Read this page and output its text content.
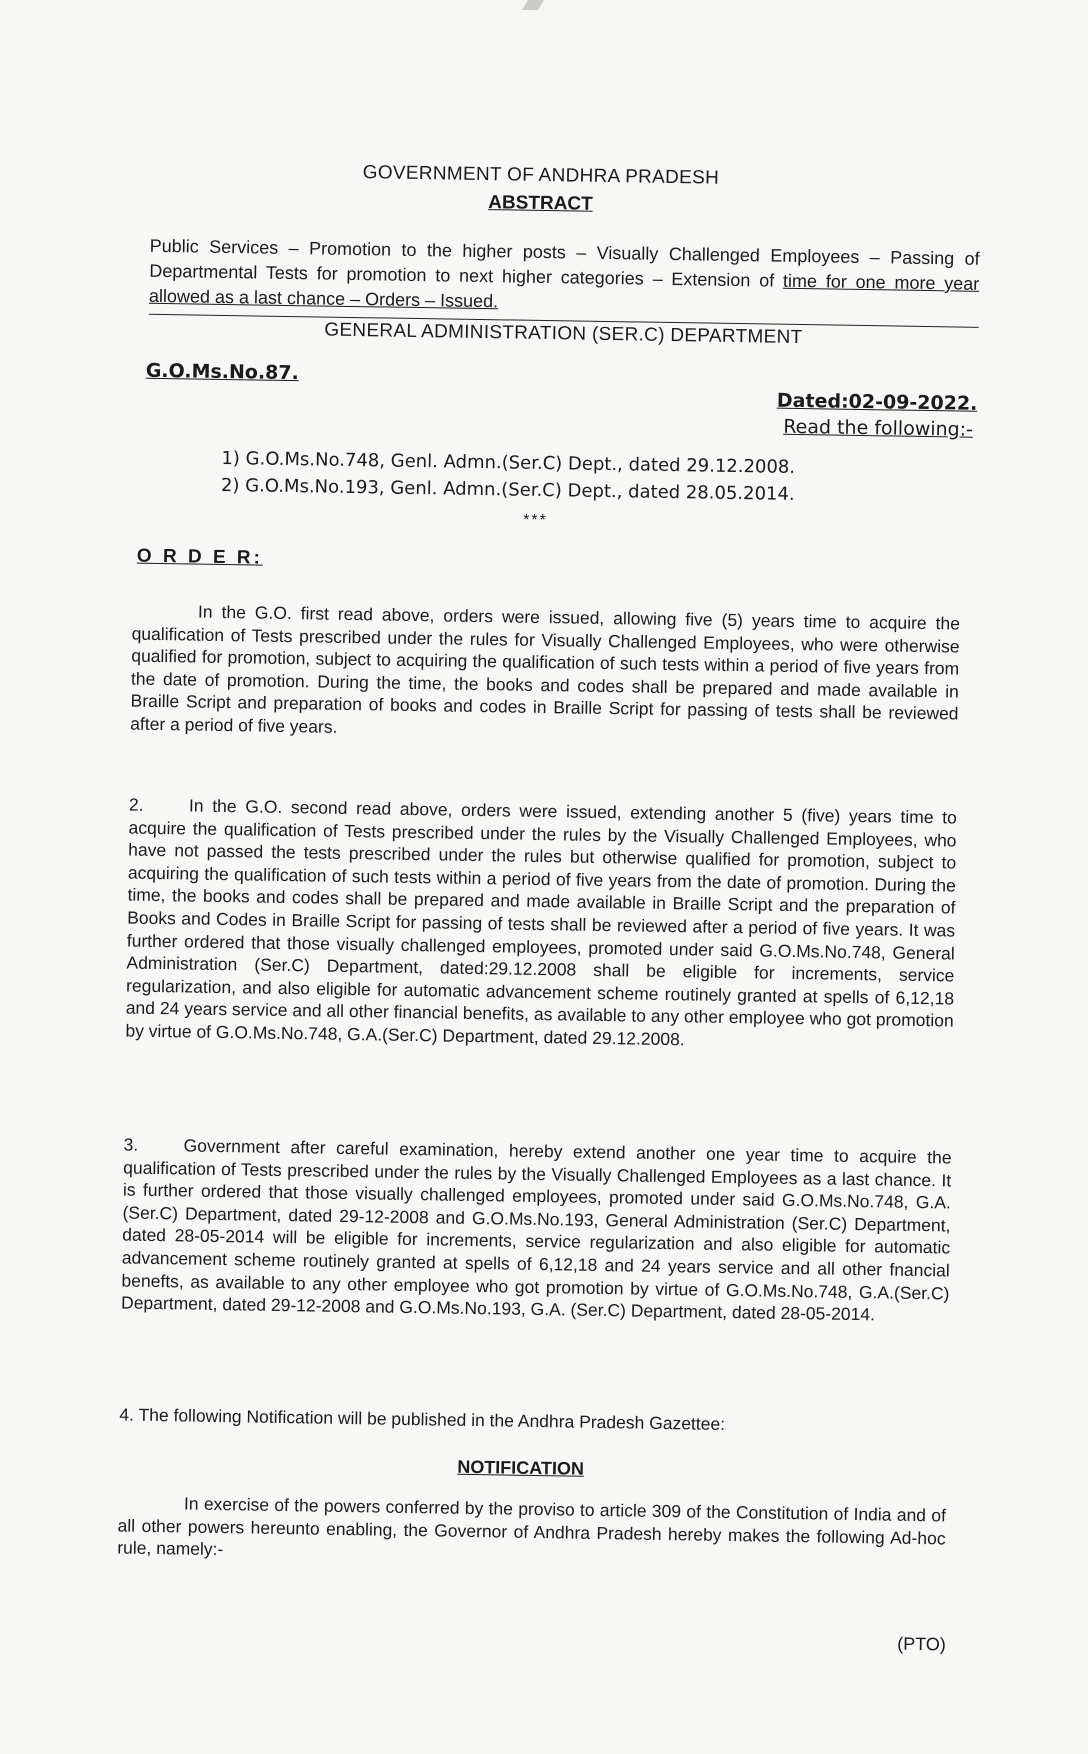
GOVERNMENT OF ANDHRA PRADESH
ABSTRACT
Public Services – Promotion to the higher posts – Visually Challenged Employees – Passing of Departmental Tests for promotion to next higher categories – Extension of time for one more year allowed as a last chance – Orders – Issued.
GENERAL ADMINISTRATION (SER.C) DEPARTMENT
G.O.Ms.No.87.
Dated:02-09-2022.
Read the following:-
1) G.O.Ms.No.748, Genl. Admn.(Ser.C) Dept., dated 29.12.2008.
2) G.O.Ms.No.193, Genl. Admn.(Ser.C) Dept., dated 28.05.2014.
***
O R D E R:
In the G.O. first read above, orders were issued, allowing five (5) years time to acquire the qualification of Tests prescribed under the rules for Visually Challenged Employees, who were otherwise qualified for promotion, subject to acquiring the qualification of such tests within a period of five years from the date of promotion. During the time, the books and codes shall be prepared and made available in Braille Script and preparation of books and codes in Braille Script for passing of tests shall be reviewed after a period of five years.
2.	In the G.O. second read above, orders were issued, extending another 5 (five) years time to acquire the qualification of Tests prescribed under the rules by the Visually Challenged Employees, who have not passed the tests prescribed under the rules but otherwise qualified for promotion, subject to acquiring the qualification of such tests within a period of five years from the date of promotion. During the time, the books and codes shall be prepared and made available in Braille Script and the preparation of Books and Codes in Braille Script for passing of tests shall be reviewed after a period of five years. It was further ordered that those visually challenged employees, promoted under said G.O.Ms.No.748, General Administration (Ser.C) Department, dated:29.12.2008 shall be eligible for increments, service regularization, and also eligible for automatic advancement scheme routinely granted at spells of 6,12,18 and 24 years service and all other financial benefits, as available to any other employee who got promotion by virtue of G.O.Ms.No.748, G.A.(Ser.C) Department, dated 29.12.2008.
3.	Government after careful examination, hereby extend another one year time to acquire the qualification of Tests prescribed under the rules by the Visually Challenged Employees as a last chance. It is further ordered that those visually challenged employees, promoted under said G.O.Ms.No.748, G.A. (Ser.C) Department, dated 29-12-2008 and G.O.Ms.No.193, General Administration (Ser.C) Department, dated 28-05-2014 will be eligible for increments, service regularization and also eligible for automatic advancement scheme routinely granted at spells of 6,12,18 and 24 years service and all other fnancial benefts, as available to any other employee who got promotion by virtue of G.O.Ms.No.748, G.A.(Ser.C) Department, dated 29-12-2008 and G.O.Ms.No.193, G.A. (Ser.C) Department, dated 28-05-2014.
4. The following Notification will be published in the Andhra Pradesh Gazettee:
NOTIFICATION
In exercise of the powers conferred by the proviso to article 309 of the Constitution of India and of all other powers hereunto enabling, the Governor of Andhra Pradesh hereby makes the following Ad-hoc rule, namely:-
(PTO)
